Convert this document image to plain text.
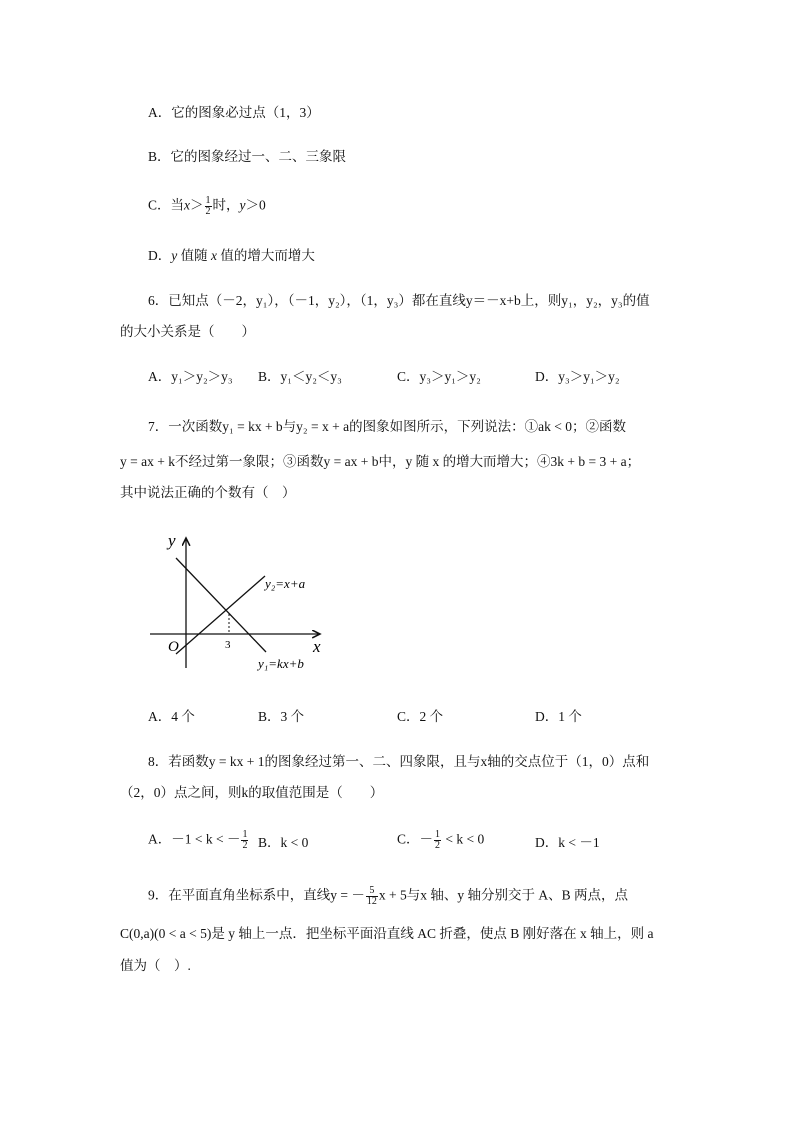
A．它的图象必过点（1，3）
B．它的图象经过一、二、三象限
C．当$x> \frac{1}{2}$ 时，y＞0
D．y 值随 x 值的增大而增大
6．已知点（－2，y₁），（－1，y₂），（1，y₃）都在直线y＝－x+b上，则y₁，y₂，y₃的值
的大小关系是（　　）
A．y₁＞y₂＞y₃ B．y₁＜y₂＜y₃	C．y₃＞y₁＞y₂	D．y₃＞y₁＞y₂
7．一次函数y₁ = kx + b与y₂ = x + a的图象如图所示，下列说法：①ak < 0；②函数
y = ax + k不经过第一象限；③函数y = ax + b中，y 随 x 的增大而增大；④3k + b = 3 + a；
其中说法正确的个数有（　）
y
x
O	3
y₂=x+a
y₁=kx+b
A．4 个	B．3 个	C．2 个	D．1 个
8．若函数y = kx + 1的图象经过第一、二、四象限，且与x轴的交点位于（1，0）点和
（2，0）点之间，则k的取值范围是（　　）
A．－1 < k < － $\frac{1}{2}$ B．k < 0	C．－ $\frac{1}{2} < k < 0$	D．k < －1
9．在平面直角坐标系中，直线y = － $\frac{5}{12}$ x + 5与x 轴、y 轴分别交于 A、B 两点，点
C(0,a)(0 < a < 5)是 y 轴上一点．把坐标平面沿直线 AC 折叠，使点 B 刚好落在 x 轴上，则 a
值为（　）.
